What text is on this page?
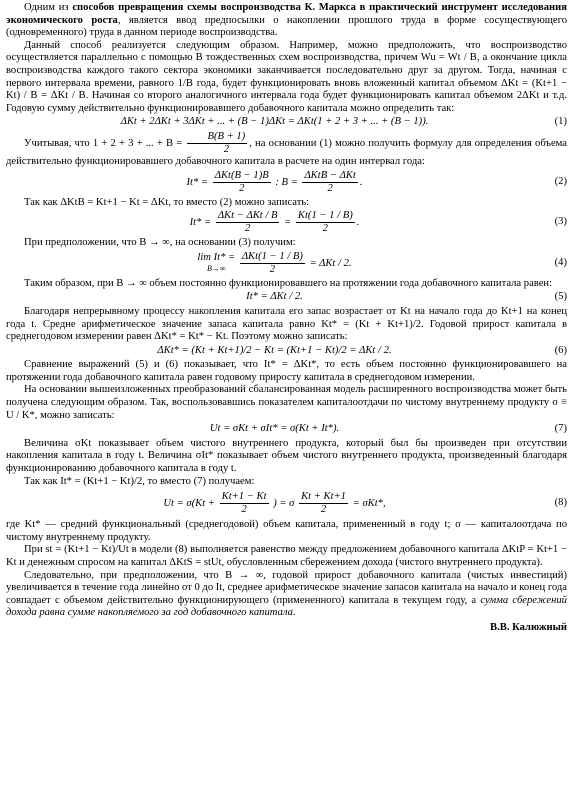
Одним из способов превращения схемы воспроизводства К. Маркса в практический инструмент исследования экономического роста, является ввод предпосылки о накоплении прошлого труда в форме сосуществующего (одновременного) труда в данном периоде воспроизводства.

Данный способ реализуется следующим образом. Например, можно предположить, что воспроизводство осуществляется параллельно с помощью B тождественных схем воспроизводства, причем Wu = Wt / B, а окончание цикла воспроизводства каждого такого сектора экономики заканчивается последовательно друг за другом. Тогда, начиная с первого интервала времени, равного 1/B года, будет функционировать вновь вложенный капитал объемом ΔKt = (Kt+1 − Kt) / B = ΔKt / B. Начиная со второго аналогичного интервала года будет функционировать капитал объемом 2ΔKt и т.д. Годовую сумму действительно функционировавшего добавочного капитала можно определить так:

ΔKt + 2ΔKt + 3ΔKt + ... + (B − 1)ΔKt = ΔKt(1 + 2 + 3 + ... + (B − 1)).	(1)

Учитывая, что 1 + 2 + 3 + ... + $B = \frac{B(B + 1)}{2}$ , на основании (1) можно получить формулу для определения объема действительно функционировавшего добавочного капитала в расчете на один интервал года:

$It* = \frac{\text{ΔKt(B − 1)B}}{2}$ : $B = \frac{\text{ΔKtB − ΔKt}}{2}$ .	(2)

Так как ΔKtB = Kt+1 − Kt = ΔKt, то вместо (2) можно записать:

$It* = \frac{\text{ΔKt − ΔKt / B}}{2} = \frac{Kt(1 - 1 / B)}{2}$ .	(3)

При предположении, что B → ∞, на основании (3) получим:

lim It* =
B→∞
	$\frac{\text{ΔKt(1 − 1 / B)}}{2} = \Delta Kt / 2$.	(4)

Таким образом, при B → ∞ объем постоянно функционировавшего на протяжении года добавочного капитала равен:

It* = ΔKt / 2.	(5)

Благодаря непрерывному процессу накопления капитала его запас возрастает от Kt на начало года до Kt+1 на конец года t. Средне арифметическое значение запаса капитала равно Kt* = (Kt + Kt+1)/2. Годовой прирост капитала в среднегодовом измерении равен ΔKt* = Kt* − Kt. Поэтому можно записать:

ΔKt* = (Kt + Kt+1)/2 − Kt = (Kt+1 − Kt)/2 = ΔKt / 2.	(6)

Сравнение выражений (5) и (6) показывает, что It* = ΔKt*, то есть объем постоянно функционировавшего на протяжении года добавочного капитала равен годовому приросту капитала в среднегодовом измерении.

На основании вышеизложенных преобразований сбалансированная модель расширенного воспроизводства может быть получена следующим образом. Так, воспользовавшись показателем капиталоотдачи по чистому внутреннему продукту σ ≡ U / K*, можно записать:

Ut = σKt + σIt* = σ(Kt + It*).	(7)

Величина σKt показывает объем чистого внутреннего продукта, который был бы произведен при отсутствии накопления капитала в году t. Величина σIt* показывает объем чистого внутреннего продукта, произведенный благодаря функционированию добавочного капитала в году t.

Так как It* = (Kt+1 − Kt)/2, то вместо (7) получаем:

$Ut = \sigma(Kt + \frac{Kt+1 - Kt}{2}$ ) = σ $\frac{Kt + Kt+1}{2} = \sigma Kt*$,	(8)

где Kt* — средний функциональный (среднегодовой) объем капитала, примененный в году t; σ — капиталоотдача по чистому внутреннему продукту.

При st = (Kt+1 − Kt)/Ut в модели (8) выполняется равенство между предложением добавочного капитала ΔKtP = Kt+1 − Kt и денежным спросом на капитал ΔKtS = stUt, обусловленным сбережением дохода (чистого внутреннего продукта).

Следовательно, при предположении, что B → ∞, годовой прирост добавочного капитала (чистых инвестиций) увеличивается в течение года линейно от 0 до It, среднее арифметическое значение запасов капитала на начало и конец года совпадает с объемом действительно функционирующего (примененного) капитала в текущем году, а сумма сбережений дохода равна сумме накопляемого за год добавочного капитала.

В.В. Калюжный
